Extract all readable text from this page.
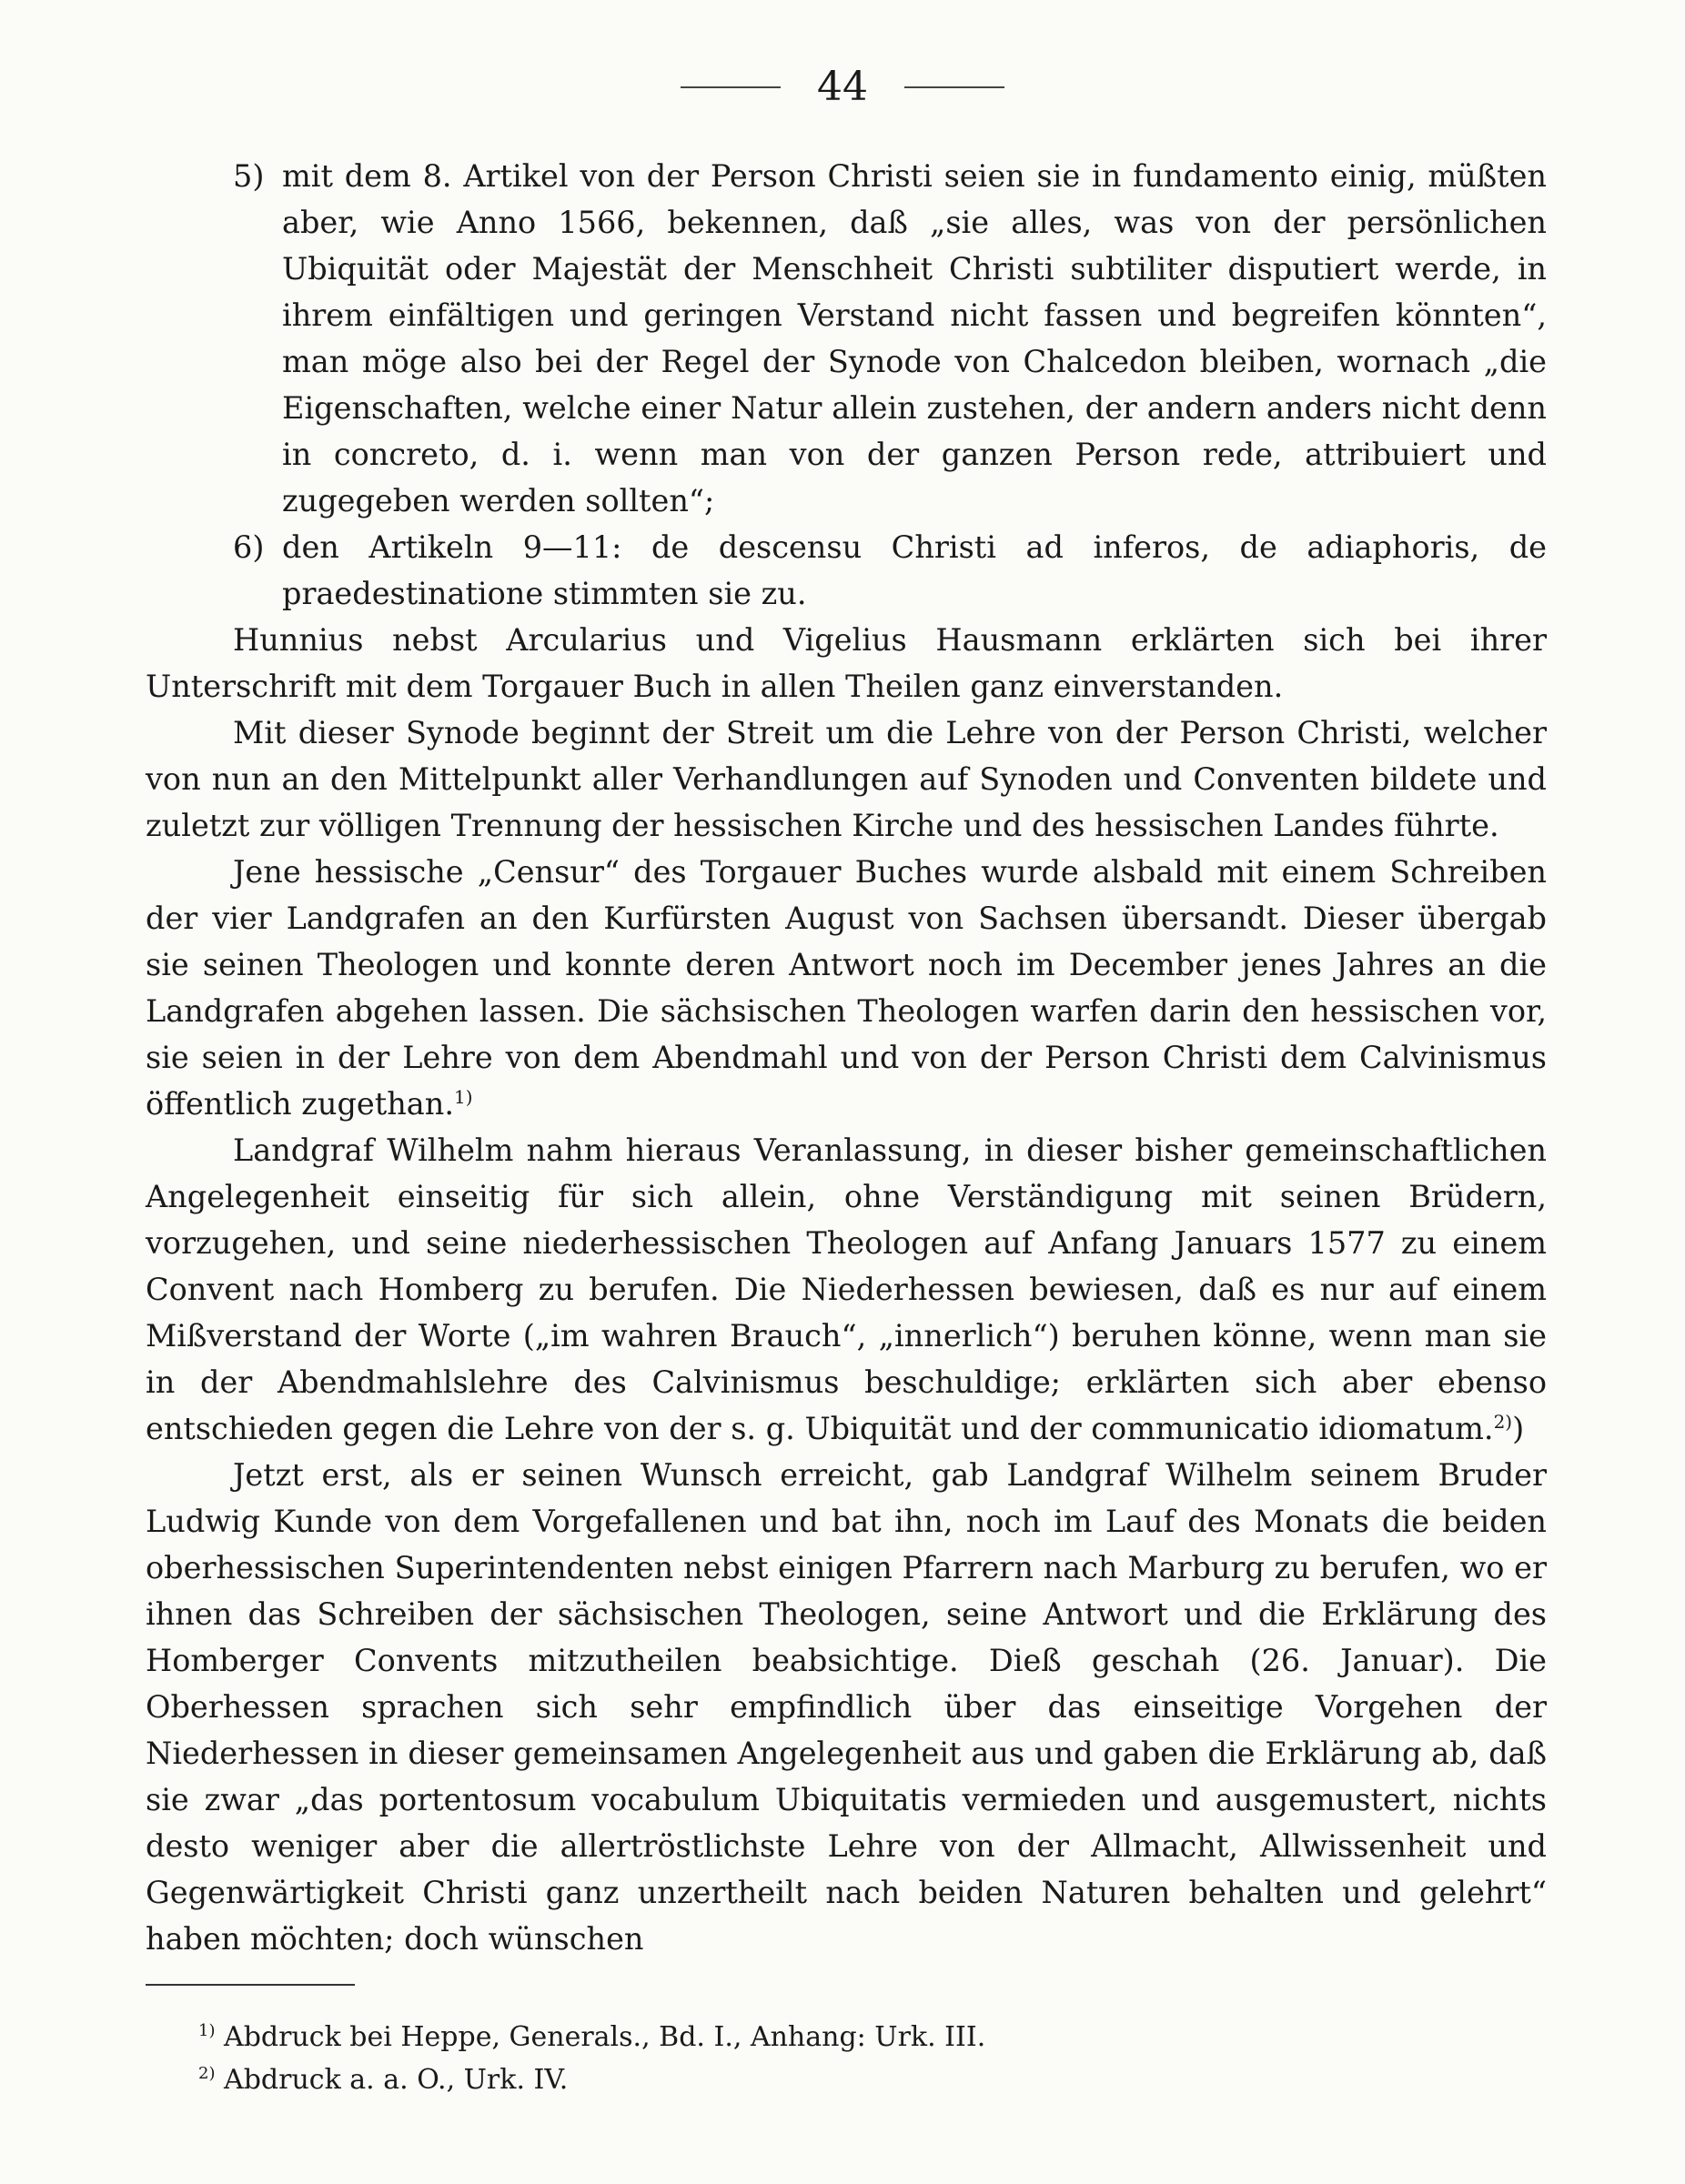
44
5) mit dem 8. Artikel von der Person Christi seien sie in fundamento einig, müßten aber, wie Anno 1566, bekennen, daß „sie alles, was von der persönlichen Ubiquität oder Majestät der Menschheit Christi subtiliter disputiert werde, in ihrem einfältigen und geringen Verstand nicht fassen und begreifen könnten“, man möge also bei der Regel der Synode von Chalcedon bleiben, wornach „die Eigenschaften, welche einer Natur allein zustehen, der andern anders nicht denn in concreto, d. i. wenn man von der ganzen Person rede, attribuiert und zugegeben werden sollten“;
6) den Artikeln 9—11: de descensu Christi ad inferos, de adiaphoris, de praedestinatione stimmten sie zu.

Hunnius nebst Arcularius und Vigelius Hausmann erklärten sich bei ihrer Unterschrift mit dem Torgauer Buch in allen Theilen ganz einverstanden.

Mit dieser Synode beginnt der Streit um die Lehre von der Person Christi, welcher von nun an den Mittelpunkt aller Verhandlungen auf Synoden und Conventen bildete und zuletzt zur völligen Trennung der hessischen Kirche und des hessischen Landes führte.

Jene hessische „Censur“ des Torgauer Buches wurde alsbald mit einem Schreiben der vier Landgrafen an den Kurfürsten August von Sachsen übersandt. Dieser übergab sie seinen Theologen und konnte deren Antwort noch im December jenes Jahres an die Landgrafen abgehen lassen. Die sächsischen Theologen warfen darin den hessischen vor, sie seien in der Lehre von dem Abendmahl und von der Person Christi dem Calvinismus öffentlich zugethan.$^{1)}$

Landgraf Wilhelm nahm hieraus Veranlassung, in dieser bisher gemeinschaftlichen Angelegenheit einseitig für sich allein, ohne Verständigung mit seinen Brüdern, vorzugehen, und seine niederhessischen Theologen auf Anfang Januars 1577 zu einem Convent nach Homberg zu berufen. Die Niederhessen bewiesen, daß es nur auf einem Mißverstand der Worte („im wahren Brauch“, „innerlich“) beruhen könne, wenn man sie in der Abendmahlslehre des Calvinismus beschuldige; erklärten sich aber ebenso entschieden gegen die Lehre von der s. g. Ubiquität und der communicatio idiomatum.$^{2)}$)

Jetzt erst, als er seinen Wunsch erreicht, gab Landgraf Wilhelm seinem Bruder Ludwig Kunde von dem Vorgefallenen und bat ihn, noch im Lauf des Monats die beiden oberhessischen Superintendenten nebst einigen Pfarrern nach Marburg zu berufen, wo er ihnen das Schreiben der sächsischen Theologen, seine Antwort und die Erklärung des Homberger Convents mitzutheilen beabsichtige. Dieß geschah (26. Januar). Die Oberhessen sprachen sich sehr empfindlich über das einseitige Vorgehen der Niederhessen in dieser gemeinsamen Angelegenheit aus und gaben die Erklärung ab, daß sie zwar „das portentosum vocabulum Ubiquitatis vermieden und ausgemustert, nichts desto weniger aber die allertröstlichste Lehre von der Allmacht, Allwissenheit und Gegenwärtigkeit Christi ganz unzertheilt nach beiden Naturen behalten und gelehrt“ haben möchten; doch wünschen

$^{1)}$ Abdruck bei Heppe, Generals., Bd. I., Anhang: Urk. III.
$^{2)}$ Abdruck a. a. O., Urk. IV.
